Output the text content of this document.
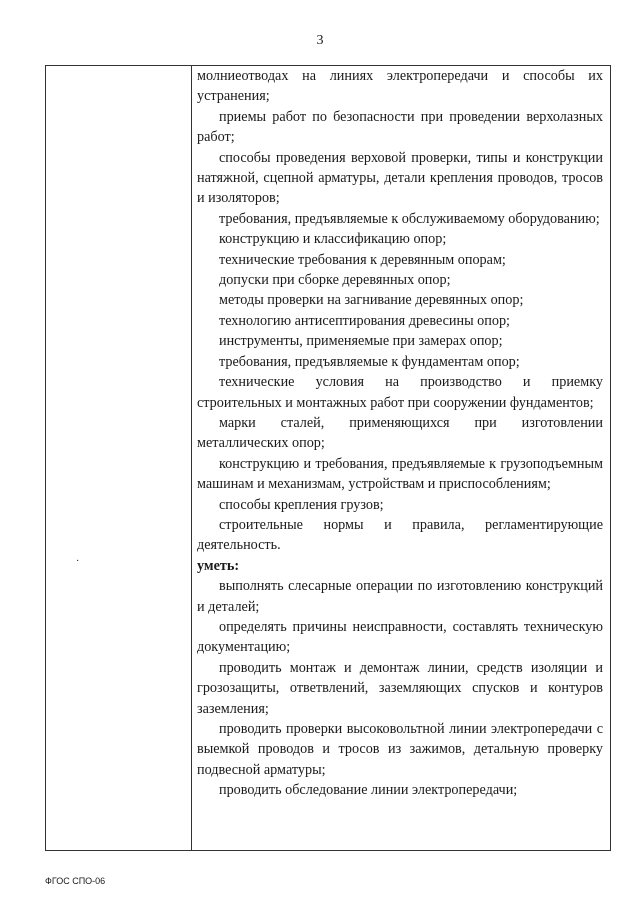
3
·

молниеотводах на линиях электропередачи и способы их устранения;

приемы работ по безопасности при проведении верхолазных работ;

способы проведения верховой проверки, типы и конструкции натяжной, сцепной арматуры, детали крепления проводов, тросов и изоляторов;

требования, предъявляемые к обслуживаемому оборудованию;

конструкцию и классификацию опор;

технические требования к деревянным опорам;

допуски при сборке деревянных опор;

методы проверки на загнивание деревянных опор;

технологию антисептирования древесины опор;

инструменты, применяемые при замерах опор;

требования, предъявляемые к фундаментам опор;

технические условия на производство и приемку строительных и монтажных работ при сооружении фундаментов;

марки сталей, применяющихся при изготовлении металлических опор;

конструкцию и требования, предъявляемые к грузоподъемным машинам и механизмам, устройствам и приспособлениям;

способы крепления грузов;

строительные нормы и правила, регламентирующие деятельность.

уметь:

выполнять слесарные операции по изготовлению конструкций и деталей;

определять причины неисправности, составлять техническую документацию;

проводить монтаж и демонтаж линии, средств изоляции и грозозащиты, ответвлений, заземляющих спусков и контуров заземления;

проводить проверки высоковольтной линии электропередачи с выемкой проводов и тросов из зажимов, детальную проверку подвесной арматуры;

проводить обследование линии электропередачи;

ФГОС СПО-06
